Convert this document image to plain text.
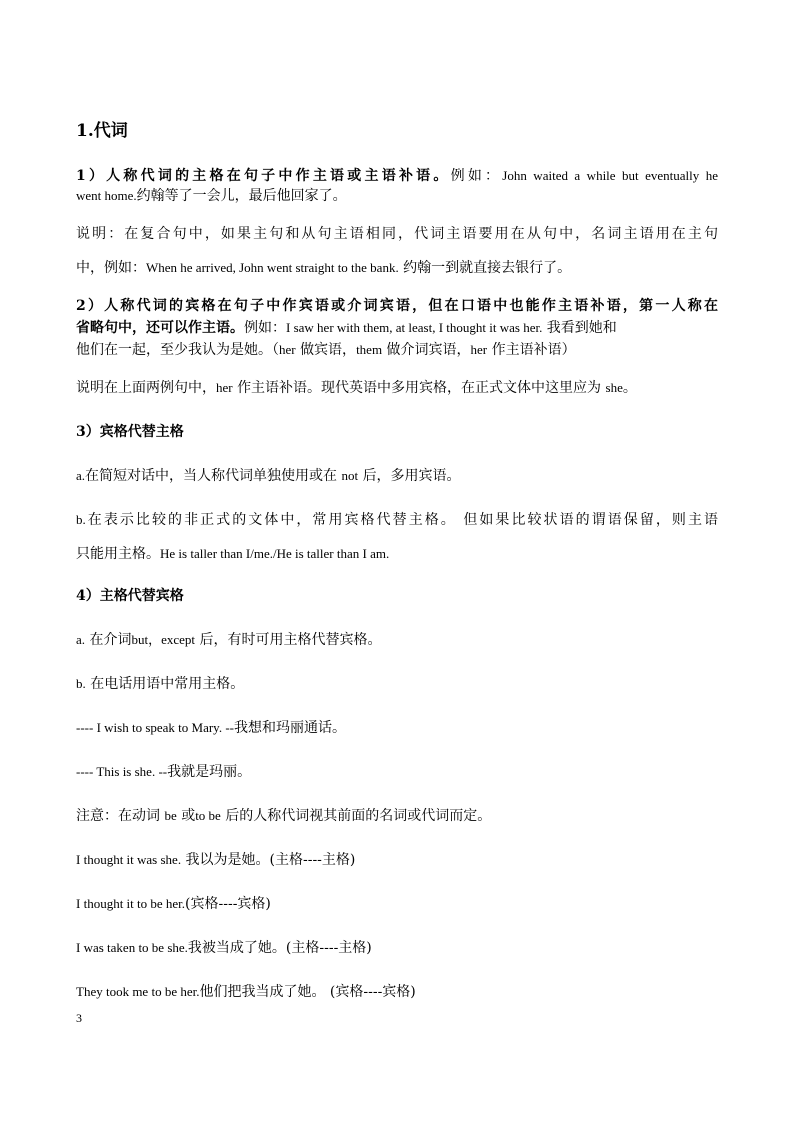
1.代词
1）人称代词的主格在句子中作主语或主语补语。例如：John waited a while but eventually he
went home.约翰等了一会儿，最后他回家了。
说明：在复合句中，如果主句和从句主语相同，代词主语要用在从句中，名词主语用在主句
中，例如：When he arrived, John went straight to the bank. 约翰一到就直接去银行了。
2）人称代词的宾格在句子中作宾语或介词宾语，但在口语中也能作主语补语，第一人称在
省略句中，还可以作主语。例如：I saw her with them, at least, I thought it was her. 我看到她和
他们在一起，至少我认为是她。（her 做宾语，them 做介词宾语，her 作主语补语）
说明在上面两例句中，her 作主语补语。现代英语中多用宾格，在正式文体中这里应为 she。
3）宾格代替主格
a.在简短对话中，当人称代词单独使用或在 not 后，多用宾语。
b.在表示比较的非正式的文体中，常用宾格代替主格。 但如果比较状语的谓语保留，则主语
只能用主格。He is taller than I/me./He is taller than I am.
4）主格代替宾格
a. 在介词but，except 后，有时可用主格代替宾格。
b. 在电话用语中常用主格。
---- I wish to speak to Mary. --我想和玛丽通话。
---- This is she. --我就是玛丽。
注意：在动词 be 或to be 后的人称代词视其前面的名词或代词而定。
I thought it was she. 我以为是她。(主格----主格)
I thought it to be her.(宾格----宾格)
I was taken to be she.我被当成了她。(主格----主格)
They took me to be her.他们把我当成了她。 (宾格----宾格)
3
